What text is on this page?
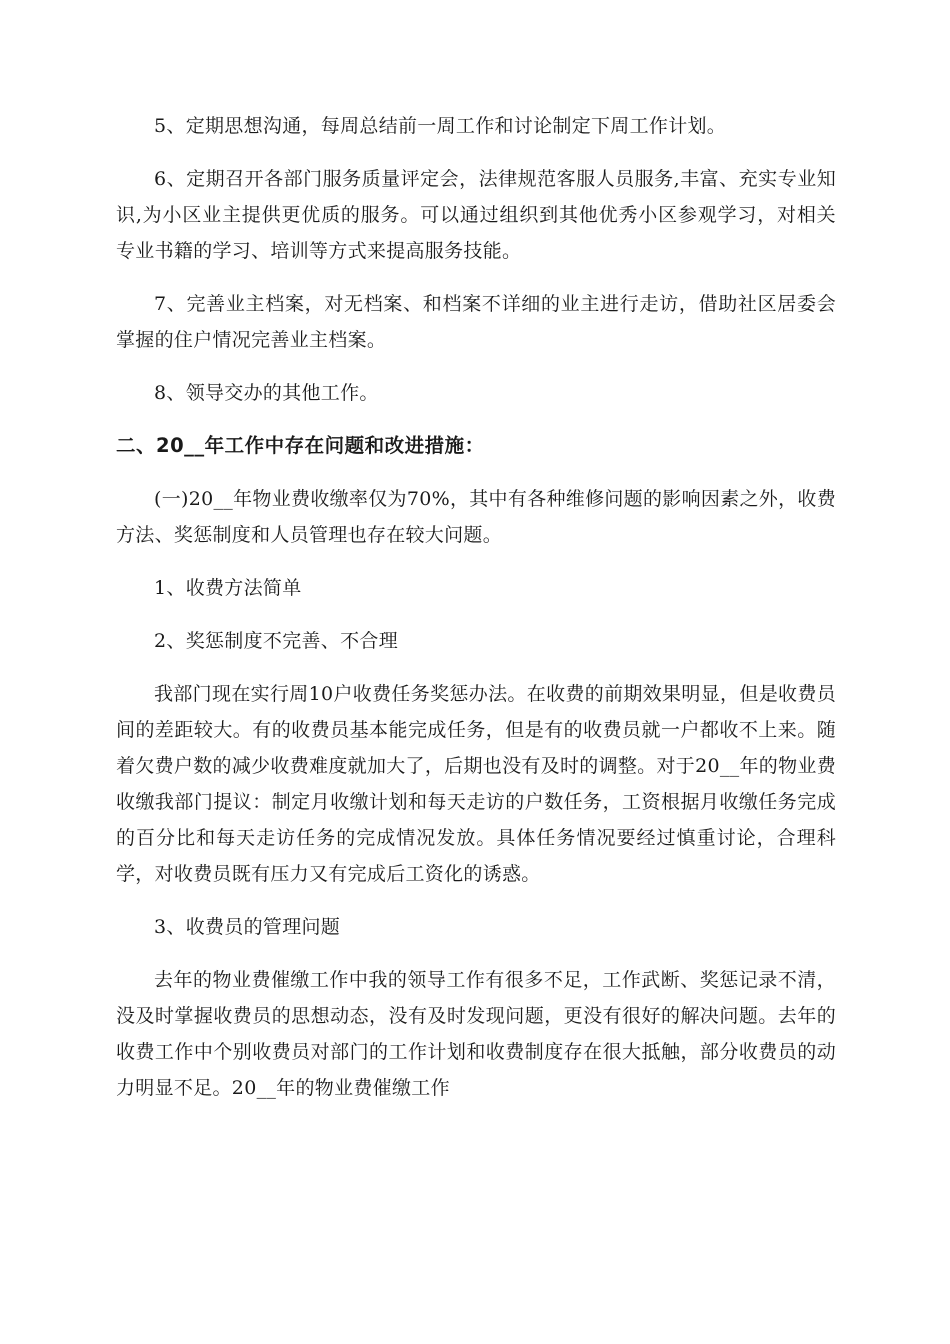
5、定期思想沟通，每周总结前一周工作和讨论制定下周工作计划。

6、定期召开各部门服务质量评定会，法律规范客服人员服务,丰富、充实专业知识,为小区业主提供更优质的服务。可以通过组织到其他优秀小区参观学习，对相关专业书籍的学习、培训等方式来提高服务技能。

7、完善业主档案，对无档案、和档案不详细的业主进行走访，借助社区居委会掌握的住户情况完善业主档案。

8、领导交办的其他工作。

二、20__年工作中存在问题和改进措施：

(一)20__年物业费收缴率仅为70%，其中有各种维修问题的影响因素之外，收费方法、奖惩制度和人员管理也存在较大问题。

1、收费方法简单

2、奖惩制度不完善、不合理

我部门现在实行周10户收费任务奖惩办法。在收费的前期效果明显，但是收费员间的差距较大。有的收费员基本能完成任务，但是有的收费员就一户都收不上来。随着欠费户数的减少收费难度就加大了，后期也没有及时的调整。对于20__年的物业费收缴我部门提议：制定月收缴计划和每天走访的户数任务，工资根据月收缴任务完成的百分比和每天走访任务的完成情况发放。具体任务情况要经过慎重讨论，合理科学，对收费员既有压力又有完成后工资化的诱惑。

3、收费员的管理问题

去年的物业费催缴工作中我的领导工作有很多不足，工作武断、奖惩记录不清，没及时掌握收费员的思想动态，没有及时发现问题，更没有很好的解决问题。去年的收费工作中个别收费员对部门的工作计划和收费制度存在很大抵触，部分收费员的动力明显不足。20__年的物业费催缴工作
